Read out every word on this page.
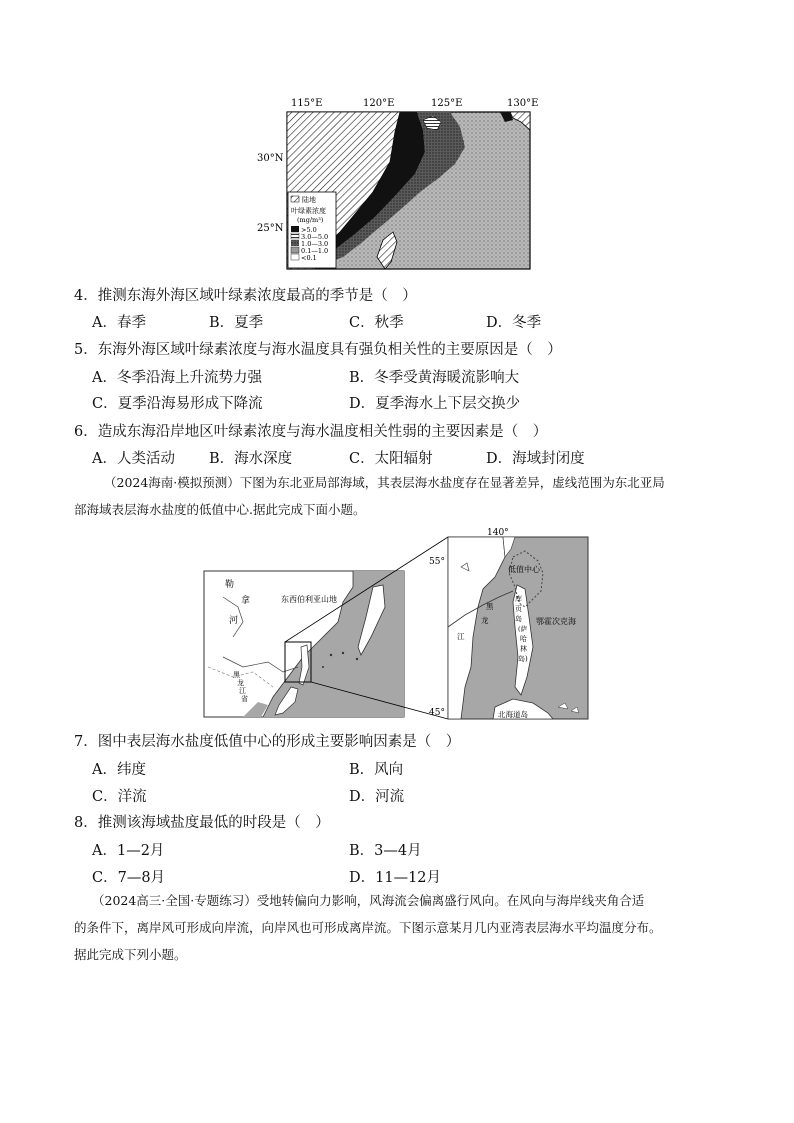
115°E	120°E	125°E	130°E
30°N
25°N
陆地
叶绿素浓度
(mg/m³)
>5.0
3.0—5.0
1.0—3.0
0.1—1.0
<0.1
4．推测东海外海区域叶绿素浓度最高的季节是（　）
A．春季	B．夏季	C．秋季	D．冬季
5．东海外海区域叶绿素浓度与海水温度具有强负相关性的主要原因是（　）
A．冬季沿海上升流势力强	B．冬季受黄海暖流影响大
C．夏季沿海易形成下降流	D．夏季海水上下层交换少
6．造成东海沿岸地区叶绿素浓度与海水温度相关性弱的主要因素是（　）
A．人类活动 B．海水深度	C．太阳辐射	D．海域封闭度
（2024海南·模拟预测）下图为东北亚局部海域，其表层海水盐度存在显著差异，虚线范围为东北亚局
部海域表层海水盐度的低值中心.据此完成下面小题。
勒
拿
河
东西伯利亚山地
黑
龙
江
省
140°
55°
45°
低值中心
鄂霍次克海
黑
龙
江
库
页
岛
(萨
哈
林
岛)
北海道岛
7．图中表层海水盐度低值中心的形成主要影响因素是（　）
A．纬度	B．风向
C．洋流	D．河流
8．推测该海域盐度最低的时段是（　）
A．1—2月	B．3—4月
C．7—8月	D．11—12月
（2024高三·全国·专题练习）受地转偏向力影响，风海流会偏离盛行风向。在风向与海岸线夹角合适
的条件下，离岸风可形成向岸流，向岸风也可形成离岸流。下图示意某月几内亚湾表层海水平均温度分布。
据此完成下列小题。
